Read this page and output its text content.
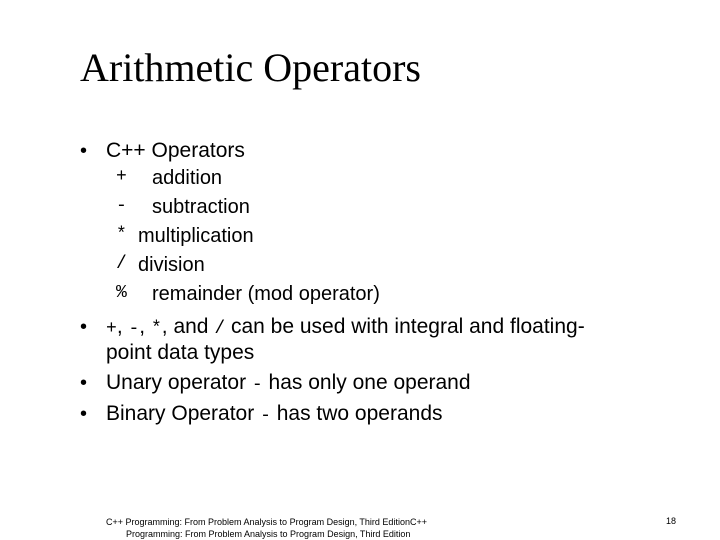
Arithmetic Operators
• C++ Operators
+ addition
- subtraction
* multiplication
/ division
% remainder (mod operator)
• +, -, *, and / can be used with integral and floating-
point data types
• Unary operator - has only one operand
• Binary Operator - has two operands
C++ Programming: From Problem Analysis to Program Design, Third EditionC++
Programming: From Problem Analysis to Program Design, Third Edition
18
